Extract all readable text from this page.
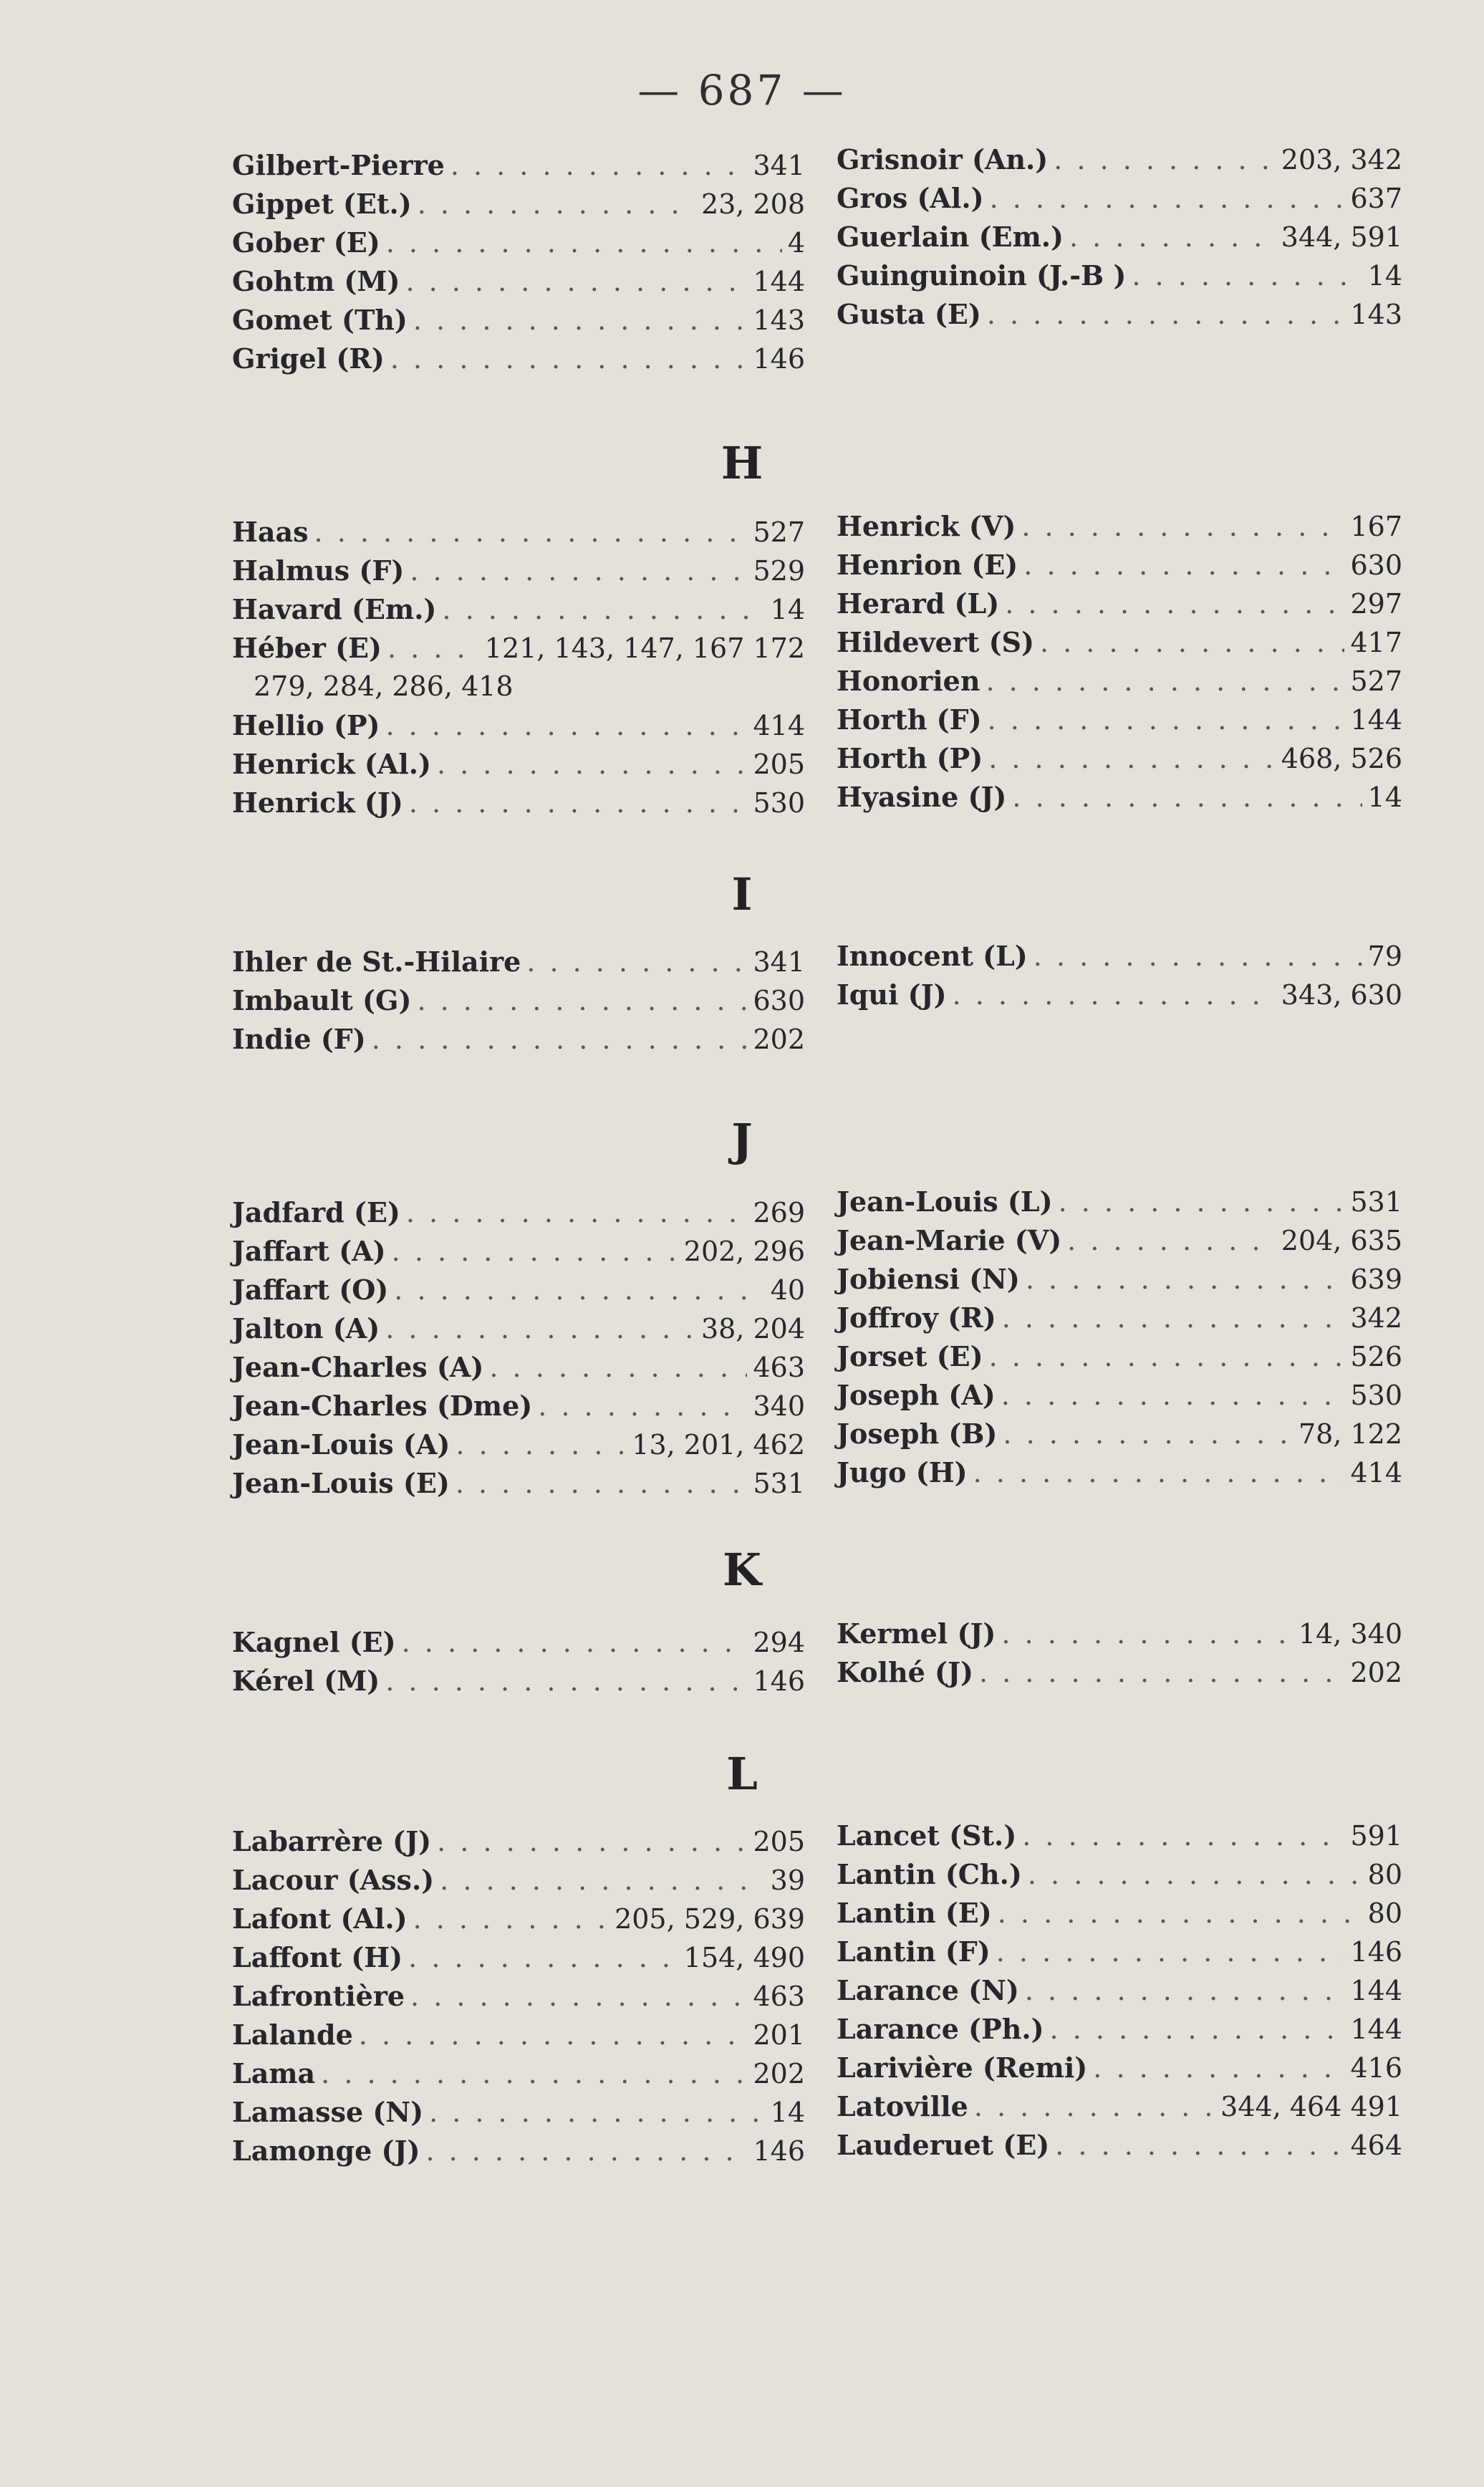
— 687 —
Gilbert-Pierre . . .	341
Gippet (Et.) . . .	23, 208
Gober (E) . . .	4
Gohtm (M) . . .	144
Gomet (Th) . . .	143
Grigel (R) . . .	146
Grisnoir (An.) . . .	203, 342
Gros (Al.) . . .	637
Guerlain (Em.) . . .	344, 591
Guinguinoin (J.-B ) . . .	14
Gusta (E) . . .	143
H
Haas . . .	527
Halmus (F) . . .	529
Havard (Em.) . . .	14
Héber (E) . . .	121, 143, 147, 167 172
279, 284, 286, 418
Hellio (P) . . .	414
Henrick (Al.) . . .	205
Henrick (J) . . .	530
Henrick (V) . . .	167
Henrion (E) . . .	630
Herard (L) . . .	297
Hildevert (S) . . .	417
Honorien . . .	527
Horth (F) . . .	144
Horth (P) . . .	468, 526
Hyasine (J) . . .	14
I
Ihler de St.-Hilaire . . .	341
Imbault (G) . . .	630
Indie (F) . . .	202
Innocent (L) . . .	79
Iqui (J) . . .	343, 630
J
Jadfard (E) . . .	269
Jaffart (A) . . .	202, 296
Jaffart (O) . . .	40
Jalton (A) . . .	38, 204
Jean-Charles (A) . . .	463
Jean-Charles (Dme) . . .	340
Jean-Louis (A) . . .	13, 201, 462
Jean-Louis (E) . . .	531
Jean-Louis (L) . . .	531
Jean-Marie (V) . . .	204, 635
Jobiensi (N) . . .	639
Joffroy (R) . . .	342
Jorset (E) . . .	526
Joseph (A) . . .	530
Joseph (B) . . .	78, 122
Jugo (H) . . .	414
K
Kagnel (E) . . .	294
Kérel (M) . . .	146
Kermel (J) . . .	14, 340
Kolhé (J) . . .	202
L
Labarrère (J) . . .	205
Lacour (Ass.) . . .	39
Lafont (Al.) . . .	205, 529, 639
Laffont (H) . . .	154, 490
Lafrontière . . .	463
Lalande . . .	201
Lama . . .	202
Lamasse (N) . . .	14
Lamonge (J) . . .	146
Lancet (St.) . . .	591
Lantin (Ch.) . . .	80
Lantin (E) . . .	80
Lantin (F) . . .	146
Larance (N) . . .	144
Larance (Ph.) . . .	144
Larivière (Remi) . . .	416
Latoville . . .	344, 464 491
Lauderuet (E) . . .	464
